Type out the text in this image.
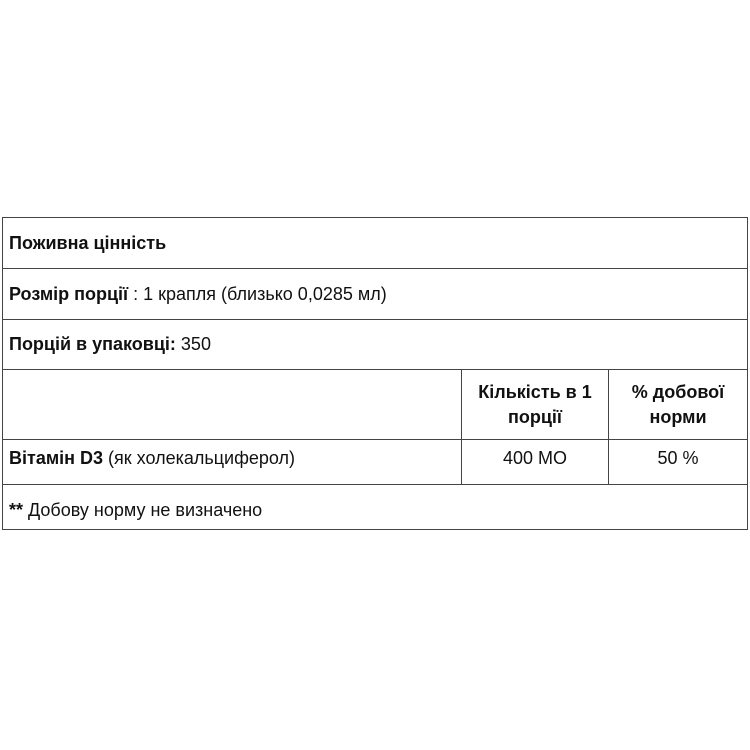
Поживна цінність		
Розмір порції : 1 крапля (близько 0,0285 мл)		
Порцій в упаковці: 350		
	Кількість в 1 порції	% добової норми
Вітамін D3 (як холекальциферол)	400 МО	50 %
** Добову норму не визначено		
